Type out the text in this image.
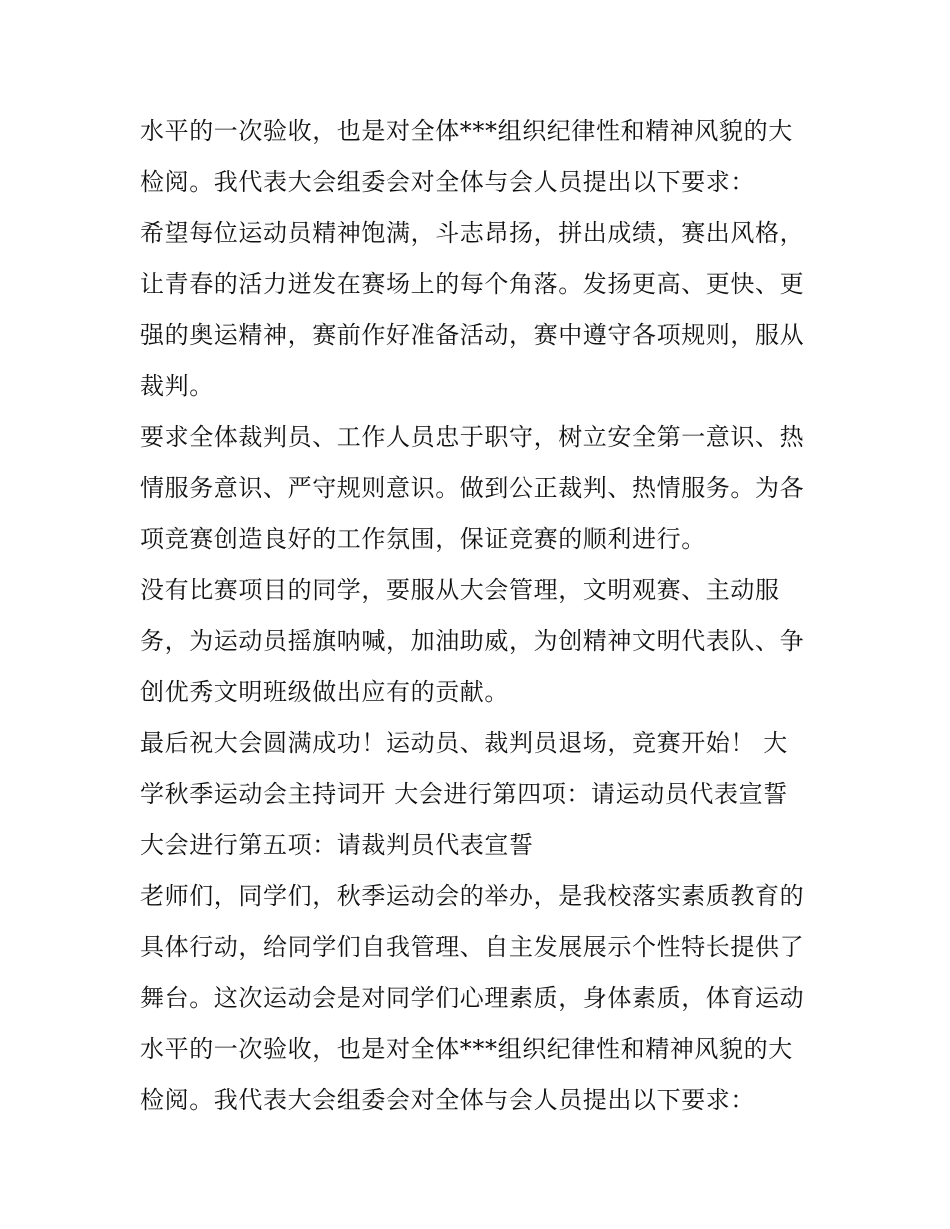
水平的一次验收，也是对全体***组织纪律性和精神风貌的大
检阅。我代表大会组委会对全体与会人员提出以下要求：
希望每位运动员精神饱满，斗志昂扬，拼出成绩，赛出风格，
让青春的活力迸发在赛场上的每个角落。发扬更高、更快、更
强的奥运精神，赛前作好准备活动，赛中遵守各项规则，服从
裁判。
要求全体裁判员、工作人员忠于职守，树立安全第一意识、热
情服务意识、严守规则意识。做到公正裁判、热情服务。为各
项竞赛创造良好的工作氛围，保证竞赛的顺利进行。
没有比赛项目的同学，要服从大会管理，文明观赛、主动服
务，为运动员摇旗呐喊，加油助威，为创精神文明代表队、争
创优秀文明班级做出应有的贡献。
最后祝大会圆满成功！运动员、裁判员退场，竞赛开始！ 大
学秋季运动会主持词开 大会进行第四项：请运动员代表宣誓
大会进行第五项：请裁判员代表宣誓
老师们，同学们，秋季运动会的举办，是我校落实素质教育的
具体行动，给同学们自我管理、自主发展展示个性特长提供了
舞台。这次运动会是对同学们心理素质，身体素质，体育运动
水平的一次验收，也是对全体***组织纪律性和精神风貌的大
检阅。我代表大会组委会对全体与会人员提出以下要求：
